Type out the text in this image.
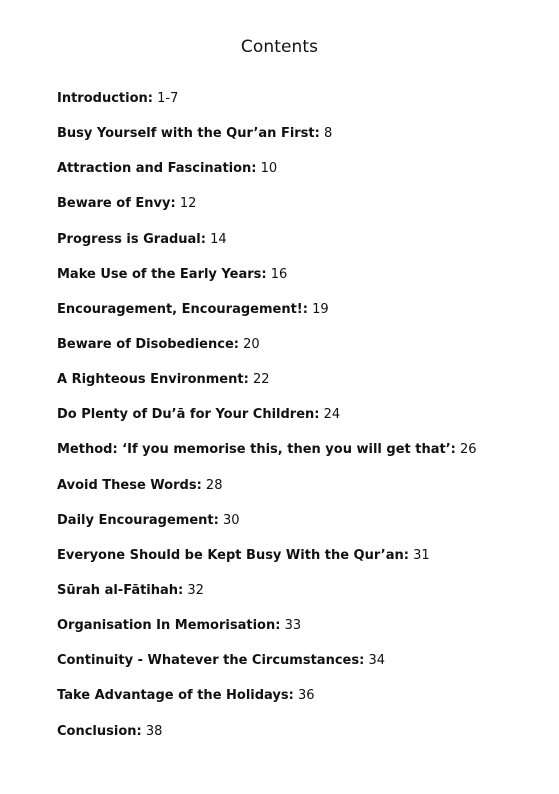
Contents
Introduction: 1-7
Busy Yourself with the Qur’an First: 8
Attraction and Fascination: 10
Beware of Envy: 12
Progress is Gradual: 14
Make Use of the Early Years: 16
Encouragement, Encouragement!: 19
Beware of Disobedience: 20
A Righteous Environment: 22
Do Plenty of Du’ā for Your Children: 24
Method: ‘If you memorise this, then you will get that’: 26
Avoid These Words: 28
Daily Encouragement: 30
Everyone Should be Kept Busy With the Qur’an: 31
Sūrah al-Fātihah: 32
Organisation In Memorisation: 33
Continuity - Whatever the Circumstances: 34
Take Advantage of the Holidays: 36
Conclusion: 38
